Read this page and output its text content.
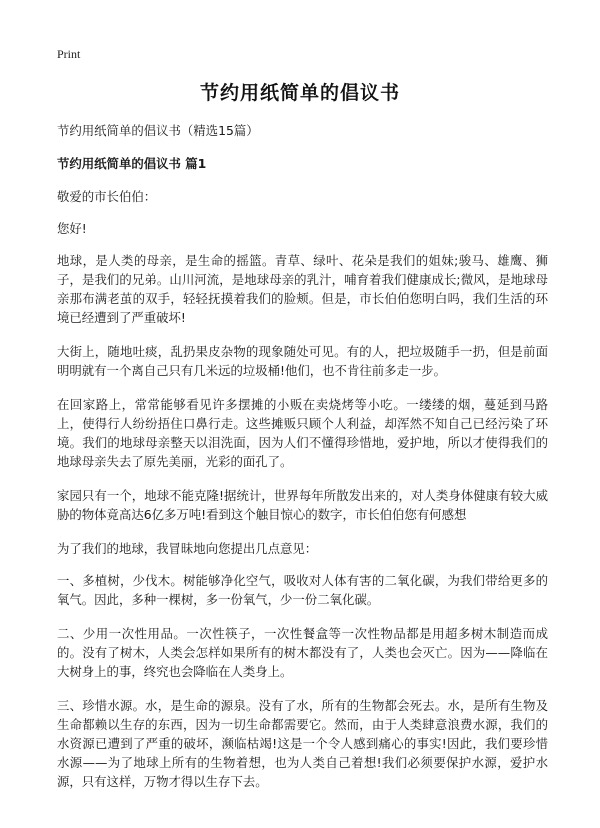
Print
节约用纸简单的倡议书

节约用纸简单的倡议书（精选15篇）

节约用纸简单的倡议书 篇1

敬爱的市长伯伯：

您好!

地球，是人类的母亲，是生命的摇篮。青草、绿叶、花朵是我们的姐妹;骏马、雄鹰、狮子，是我们的兄弟。山川河流，是地球母亲的乳汁，哺育着我们健康成长;微风，是地球母亲那布满老茧的双手，轻轻抚摸着我们的脸颊。但是，市长伯伯您明白吗，我们生活的环境已经遭到了严重破坏!

大街上，随地吐痰，乱扔果皮杂物的现象随处可见。有的人，把垃圾随手一扔，但是前面明明就有一个离自己只有几米远的垃圾桶!他们，也不肯往前多走一步。

在回家路上，常常能够看见许多摆摊的小贩在卖烧烤等小吃。一缕缕的烟，蔓延到马路上，使得行人纷纷捂住口鼻行走。这些摊贩只顾个人利益，却浑然不知自己已经污染了环境。我们的地球母亲整天以泪洗面，因为人们不懂得珍惜地，爱护地，所以才使得我们的地球母亲失去了原先美丽，光彩的面孔了。

家园只有一个，地球不能克隆!据统计，世界每年所散发出来的，对人类身体健康有较大威胁的物体竟高达6亿多万吨!看到这个触目惊心的数字，市长伯伯您有何感想

为了我们的地球，我冒昧地向您提出几点意见：

一、多植树，少伐木。树能够净化空气，吸收对人体有害的二氧化碳，为我们带给更多的氧气。因此，多种一棵树，多一份氧气，少一份二氧化碳。

二、少用一次性用品。一次性筷子，一次性餐盒等一次性物品都是用超多树木制造而成的。没有了树木，人类会怎样如果所有的树木都没有了，人类也会灭亡。因为——降临在大树身上的事，终究也会降临在人类身上。

三、珍惜水源。水，是生命的源泉。没有了水，所有的生物都会死去。水，是所有生物及生命都赖以生存的东西，因为一切生命都需要它。然而，由于人类肆意浪费水源，我们的水资源已遭到了严重的破坏，濒临枯竭!这是一个令人感到痛心的事实!因此，我们要珍惜水源——为了地球上所有的生物着想，也为人类自己着想!我们必须要保护水源，爱护水源，只有这样，万物才得以生存下去。
